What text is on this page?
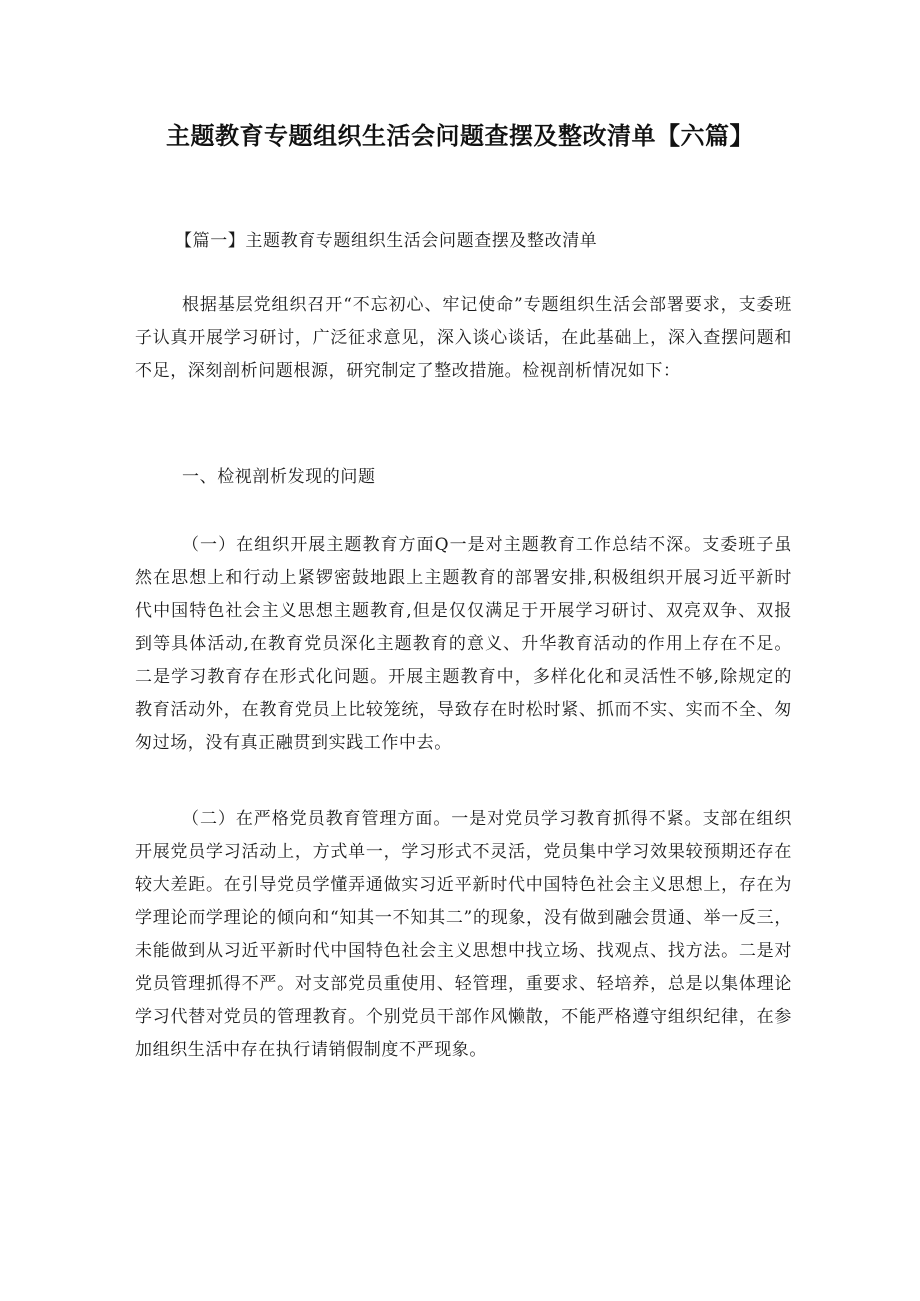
主题教育专题组织生活会问题查摆及整改清单【六篇】
【篇一】主题教育专题组织生活会问题查摆及整改清单
根据基层党组织召开“不忘初心、牢记使命”专题组织生活会部署要求，支委班子认真开展学习研讨，广泛征求意见，深入谈心谈话，在此基础上，深入查摆问题和不足，深刻剖析问题根源，研究制定了整改措施。检视剖析情况如下：
一、检视剖析发现的问题
（一）在组织开展主题教育方面Q一是对主题教育工作总结不深。支委班子虽然在思想上和行动上紧锣密鼓地跟上主题教育的部署安排,积极组织开展习近平新时代中国特色社会主义思想主题教育,但是仅仅满足于开展学习研讨、双亮双争、双报到等具体活动,在教育党员深化主题教育的意义、升华教育活动的作用上存在不足。二是学习教育存在形式化问题。开展主题教育中，多样化化和灵活性不够,除规定的教育活动外，在教育党员上比较笼统，导致存在时松时紧、抓而不实、实而不全、匆匆过场，没有真正融贯到实践工作中去。
（二）在严格党员教育管理方面。一是对党员学习教育抓得不紧。支部在组织开展党员学习活动上，方式单一，学习形式不灵活，党员集中学习效果较预期还存在较大差距。在引导党员学懂弄通做实习近平新时代中国特色社会主义思想上，存在为学理论而学理论的倾向和“知其一不知其二”的现象，没有做到融会贯通、举一反三，未能做到从习近平新时代中国特色社会主义思想中找立场、找观点、找方法。二是对党员管理抓得不严。对支部党员重使用、轻管理，重要求、轻培养，总是以集体理论学习代替对党员的管理教育。个别党员干部作风懒散，不能严格遵守组织纪律，在参加组织生活中存在执行请销假制度不严现象。
